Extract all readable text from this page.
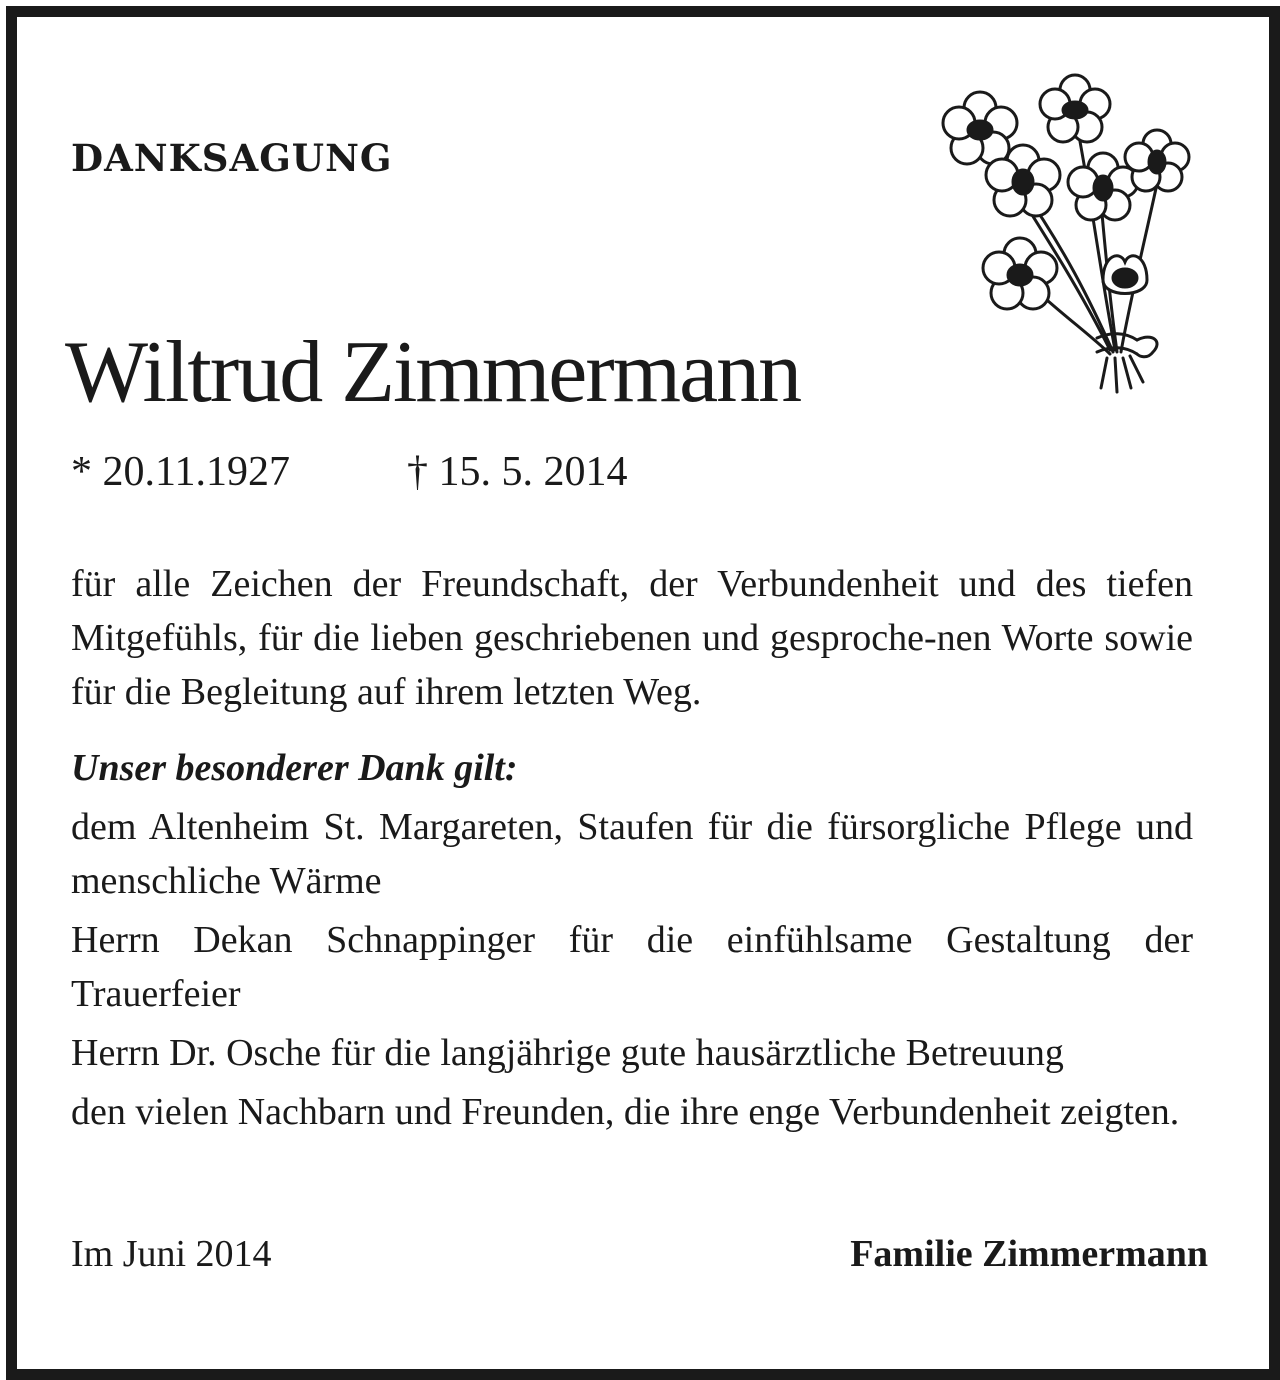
DANKSAGUNG
Wiltrud Zimmermann
* 20.11.1927	† 15. 5. 2014
für alle Zeichen der Freundschaft, der Verbundenheit und des tiefen Mitgefühls, für die lieben geschriebenen und gesproche-nen Worte sowie für die Begleitung auf ihrem letzten Weg.
Unser besonderer Dank gilt:

dem Altenheim St. Margareten, Staufen für die fürsorgliche Pflege und menschliche Wärme

Herrn Dekan Schnappinger für die einfühlsame Gestaltung der Trauerfeier

Herrn Dr. Osche für die langjährige gute hausärztliche Betreuung

den vielen Nachbarn und Freunden, die ihre enge Verbundenheit zeigten.

Im Juni 2014	Familie Zimmermann
